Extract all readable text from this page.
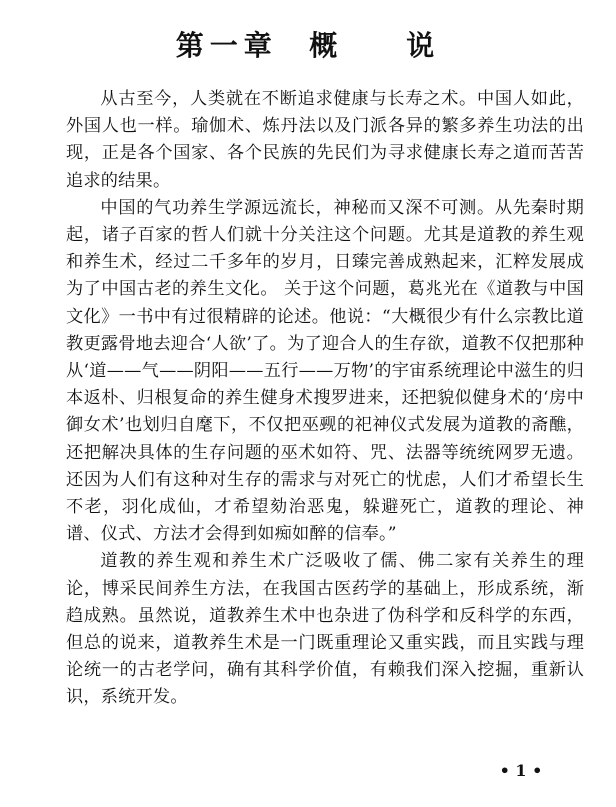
第一章  概    说

从古至今，人类就在不断追求健康与长寿之术。中国人如此，外国人也一样。瑜伽术、炼丹法以及门派各异的繁多养生功法的出现，正是各个国家、各个民族的先民们为寻求健康长寿之道而苦苦追求的结果。

中国的气功养生学源远流长，神秘而又深不可测。从先秦时期起，诸子百家的哲人们就十分关注这个问题。尤其是道教的养生观和养生术，经过二千多年的岁月，日臻完善成熟起来，汇粹发展成为了中国古老的养生文化。 关于这个问题，葛兆光在《道教与中国文化》一书中有过很精辟的论述。他说：“大概很少有什么宗教比道教更露骨地去迎合‘人欲’了。为了迎合人的生存欲，道教不仅把那种从‘道——气——阴阳——五行——万物’的宇宙系统理论中滋生的归本返朴、归根复命的养生健身术搜罗进来，还把貌似健身术的‘房中御女术’也划归自麾下，不仅把巫觋的祀神仪式发展为道教的斋醮，还把解决具体的生存问题的巫术如符、咒、法器等统统网罗无遗。还因为人们有这种对生存的需求与对死亡的忧虑，人们才希望长生不老，羽化成仙，才希望劾治恶鬼，躲避死亡，道教的理论、神谱、仪式、方法才会得到如痴如醉的信奉。”

道教的养生观和养生术广泛吸收了儒、佛二家有关养生的理论，博采民间养生方法，在我国古医药学的基础上，形成系统，渐趋成熟。虽然说，道教养生术中也杂进了伪科学和反科学的东西，但总的说来，道教养生术是一门既重理论又重实践，而且实践与理论统一的古老学问，确有其科学价值，有赖我们深入挖掘，重新认识，系统开发。

• 1 •
